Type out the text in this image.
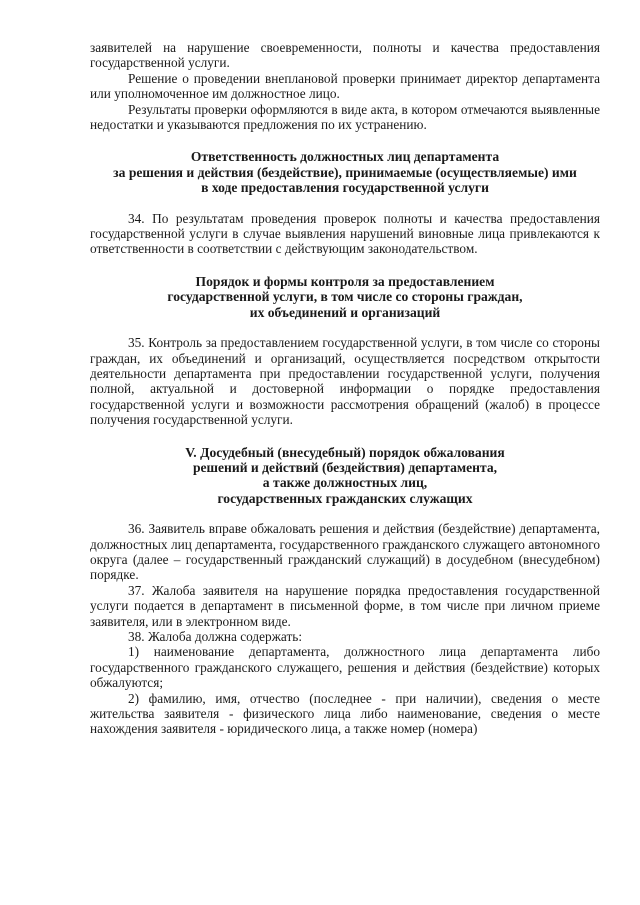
заявителей на нарушение своевременности, полноты и качества предоставления государственной услуги.

Решение о проведении внеплановой проверки принимает директор департамента или уполномоченное им должностное лицо.

Результаты проверки оформляются в виде акта, в котором отмечаются выявленные недостатки и указываются предложения по их устранению.

Ответственность должностных лиц департамента
за решения и действия (бездействие), принимаемые (осуществляемые) ими
в ходе предоставления государственной услуги

34. По результатам проведения проверок полноты и качества предоставления государственной услуги в случае выявления нарушений виновные лица привлекаются к ответственности в соответствии с действующим законодательством.

Порядок и формы контроля за предоставлением
государственной услуги, в том числе со стороны граждан,
их объединений и организаций

35. Контроль за предоставлением государственной услуги, в том числе со стороны граждан, их объединений и организаций, осуществляется посредством открытости деятельности департамента при предоставлении государственной услуги, получения полной, актуальной и достоверной информации о порядке предоставления государственной услуги и возможности рассмотрения обращений (жалоб) в процессе получения государственной услуги.

V. Досудебный (внесудебный) порядок обжалования
решений и действий (бездействия) департамента,
а также должностных лиц,
государственных гражданских служащих

36. Заявитель вправе обжаловать решения и действия (бездействие) департамента, должностных лиц департамента, государственного гражданского служащего автономного округа (далее – государственный гражданский служащий) в досудебном (внесудебном) порядке.

37. Жалоба заявителя на нарушение порядка предоставления государственной услуги подается в департамент в письменной форме, в том числе при личном приеме заявителя, или в электронном виде.

38. Жалоба должна содержать:

1) наименование департамента, должностного лица департамента либо государственного гражданского служащего, решения и действия (бездействие) которых обжалуются;

2) фамилию, имя, отчество (последнее - при наличии), сведения о месте жительства заявителя - физического лица либо наименование, сведения о месте нахождения заявителя - юридического лица, а также номер (номера)
